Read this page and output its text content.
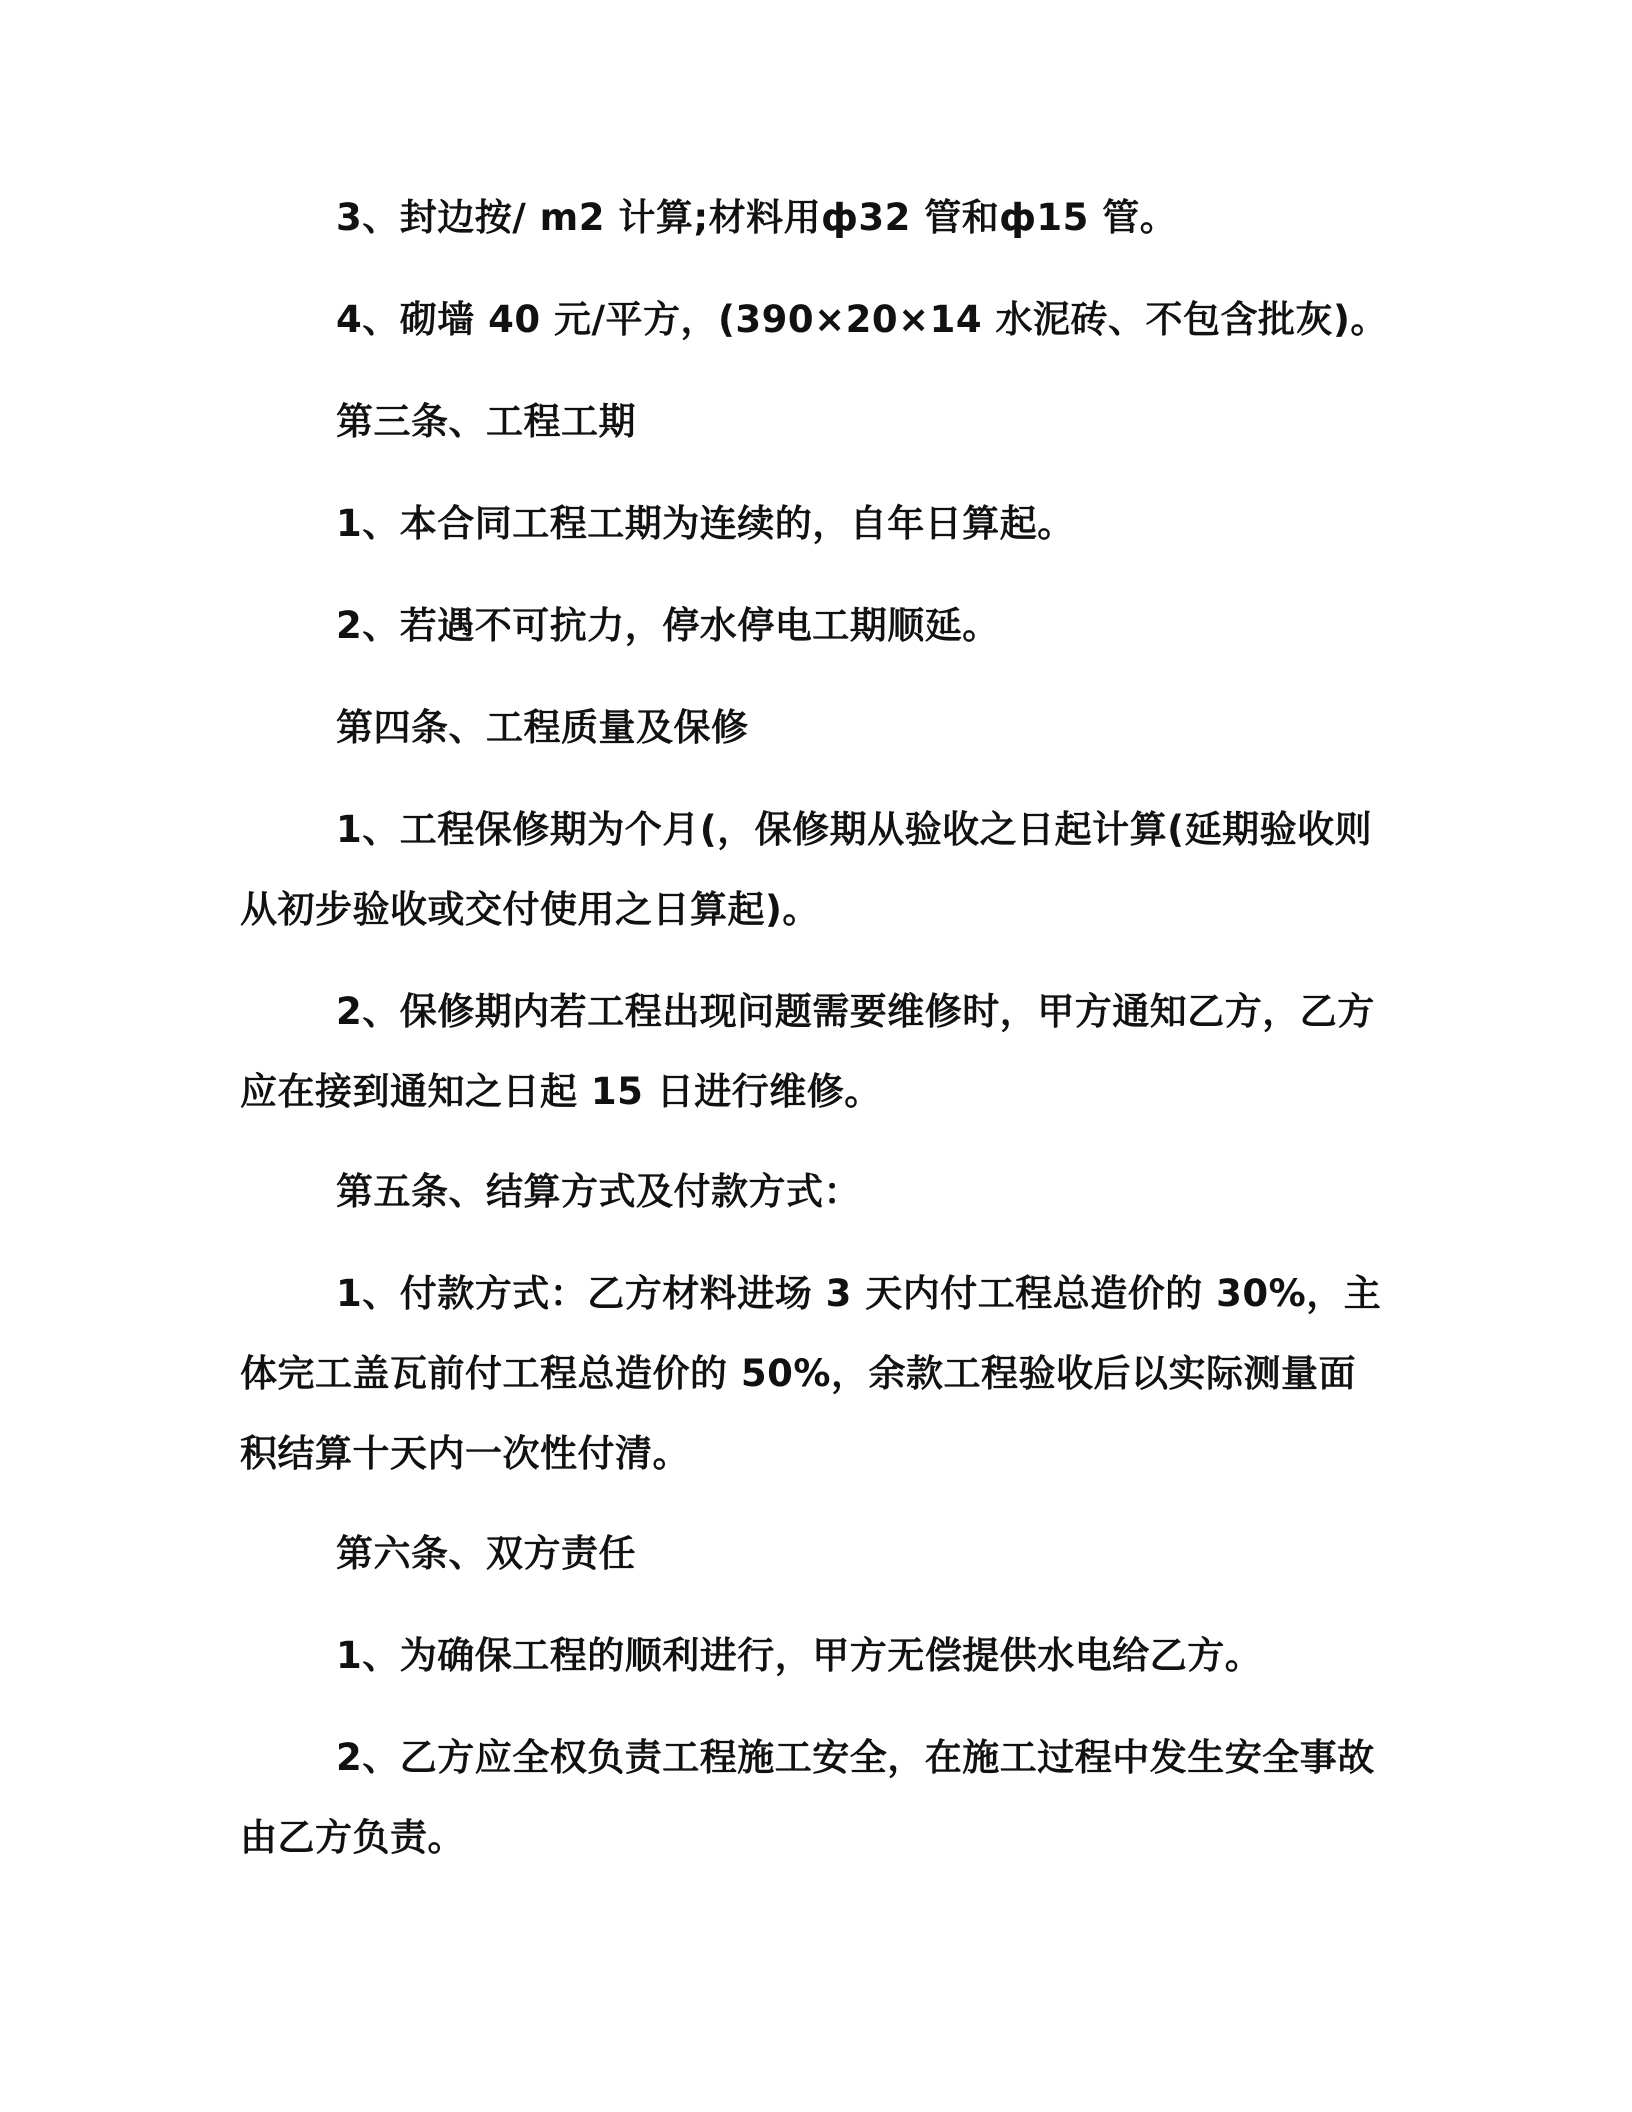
3、封边按/ m2 计算;材料用ф32 管和ф15 管。

4、砌墙 40 元/平方，(390×20×14 水泥砖、不包含批灰)。

第三条、工程工期

1、本合同工程工期为连续的，自年日算起。

2、若遇不可抗力，停水停电工期顺延。

第四条、工程质量及保修

1、工程保修期为个月(，保修期从验收之日起计算(延期验收则从初步验收或交付使用之日算起)。

2、保修期内若工程出现问题需要维修时，甲方通知乙方，乙方应在接到通知之日起 15 日进行维修。

第五条、结算方式及付款方式：

1、付款方式：乙方材料进场 3 天内付工程总造价的 30%，主体完工盖瓦前付工程总造价的 50%，余款工程验收后以实际测量面积结算十天内一次性付清。

第六条、双方责任

1、为确保工程的顺利进行，甲方无偿提供水电给乙方。

2、乙方应全权负责工程施工安全，在施工过程中发生安全事故由乙方负责。
